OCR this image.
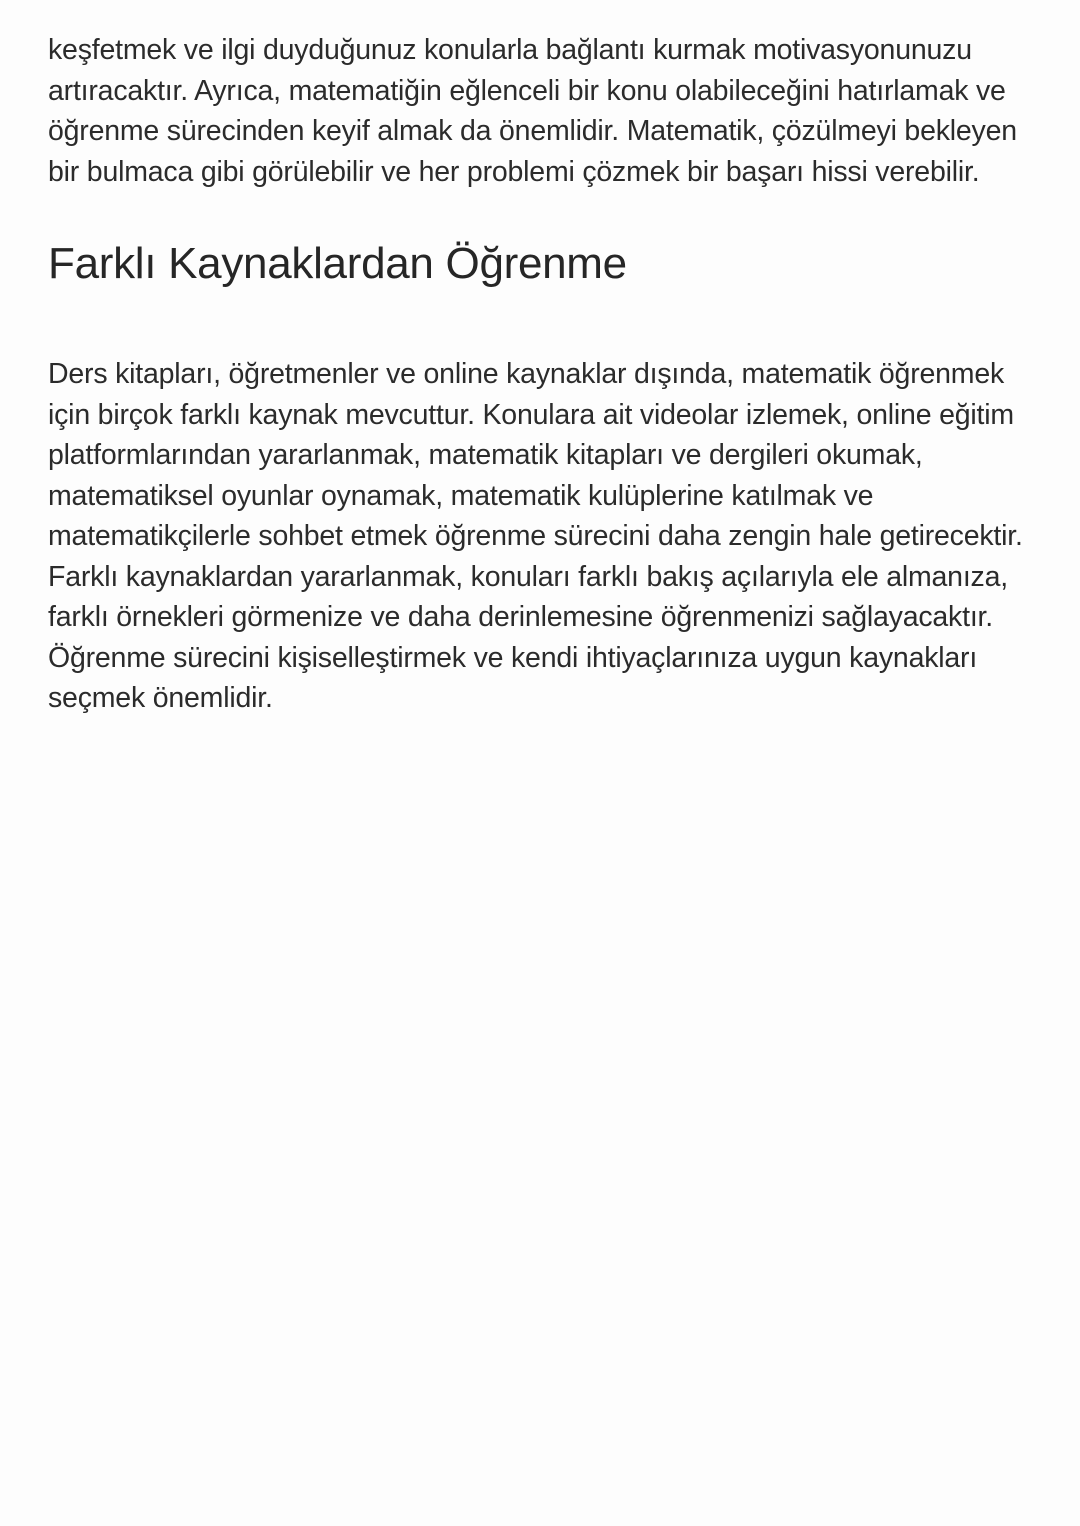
keşfetmek ve ilgi duyduğunuz konularla bağlantı kurmak motivasyonunuzu artıracaktır. Ayrıca, matematiğin eğlenceli bir konu olabileceğini hatırlamak ve öğrenme sürecinden keyif almak da önemlidir. Matematik, çözülmeyi bekleyen bir bulmaca gibi görülebilir ve her problemi çözmek bir başarı hissi verebilir.

Farklı Kaynaklardan Öğrenme

Ders kitapları, öğretmenler ve online kaynaklar dışında, matematik öğrenmek için birçok farklı kaynak mevcuttur. Konulara ait videolar izlemek, online eğitim platformlarından yararlanmak, matematik kitapları ve dergileri okumak, matematiksel oyunlar oynamak, matematik kulüplerine katılmak ve matematikçilerle sohbet etmek öğrenme sürecini daha zengin hale getirecektir. Farklı kaynaklardan yararlanmak, konuları farklı bakış açılarıyla ele almanıza, farklı örnekleri görmenize ve daha derinlemesine öğrenmenizi sağlayacaktır. Öğrenme sürecini kişiselleştirmek ve kendi ihtiyaçlarınıza uygun kaynakları seçmek önemlidir.
